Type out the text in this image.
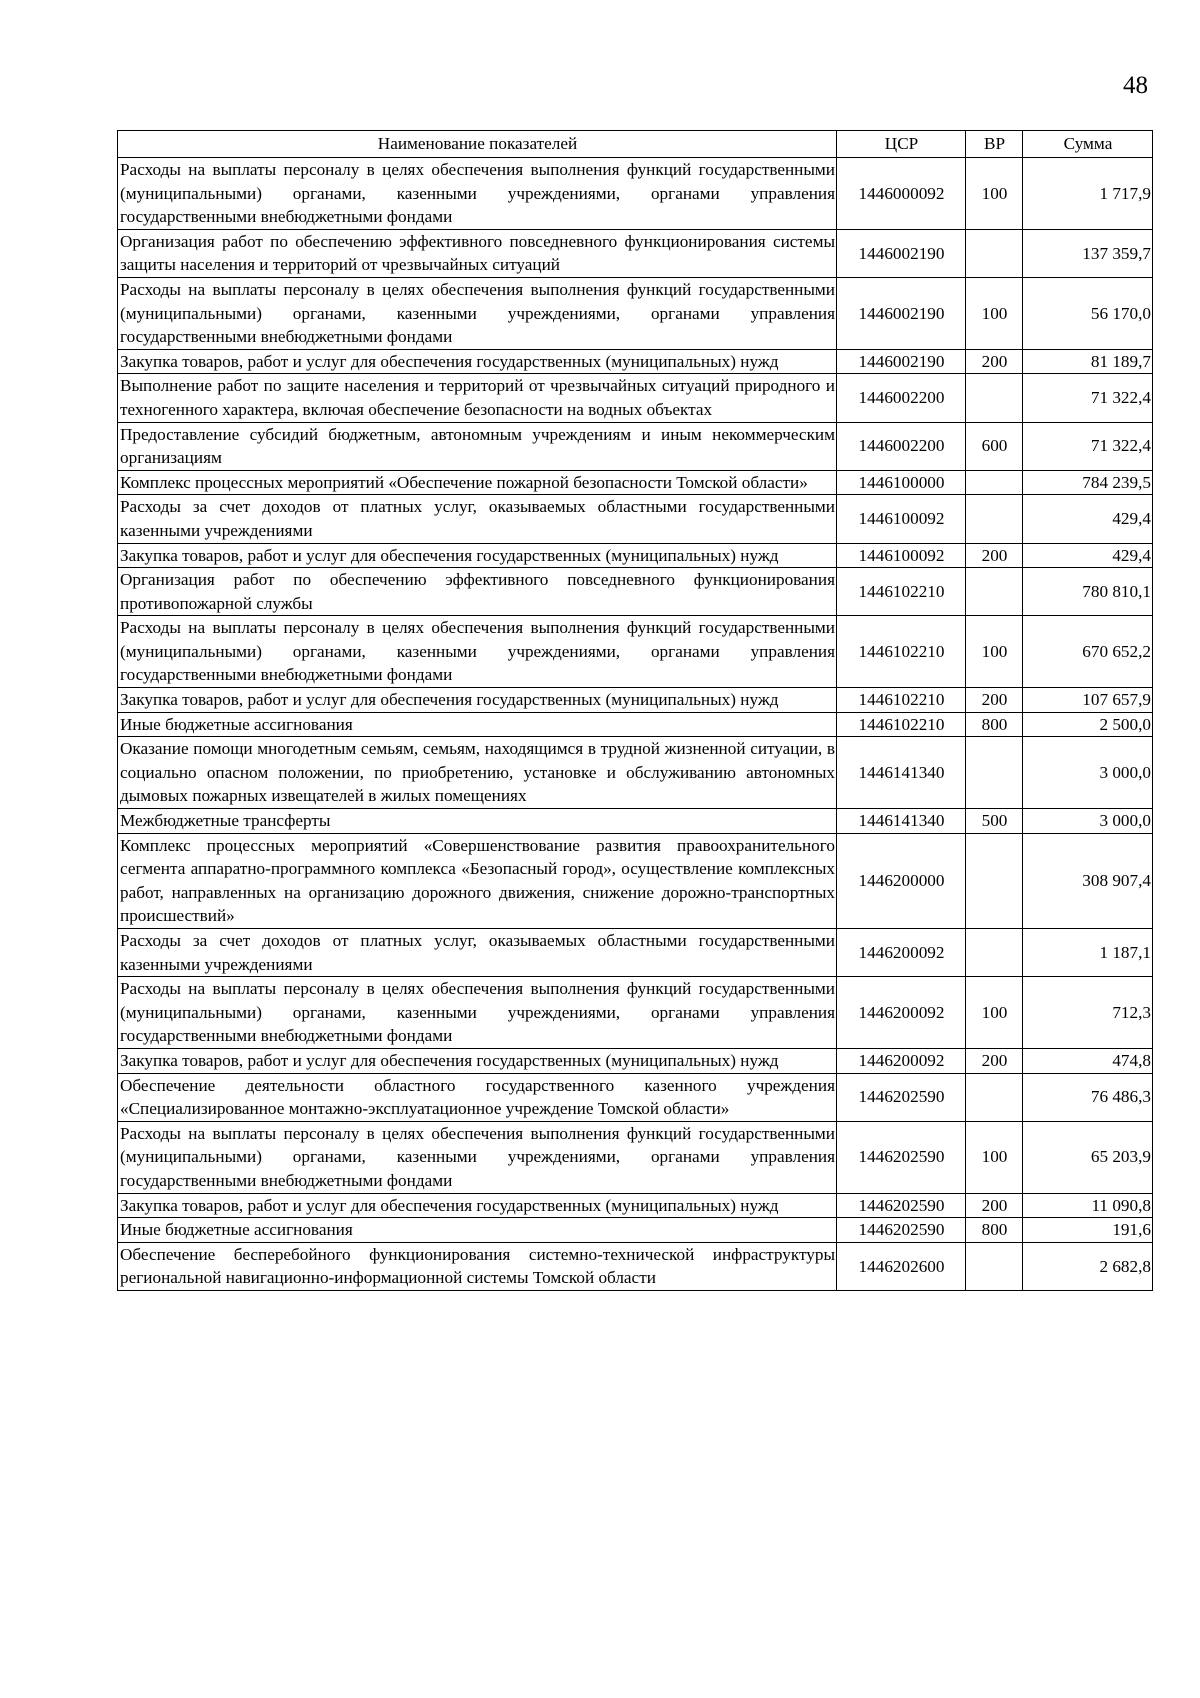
48
Наименование показателей	ЦСР	ВР	Сумма
Расходы на выплаты персоналу в целях обеспечения выполнения функций государственными (муниципальными) органами, казенными учреждениями, органами управления государственными внебюджетными фондами	1446000092	100	1 717,9
Организация работ по обеспечению эффективного повседневного функционирования системы защиты населения и территорий от чрезвычайных ситуаций	1446002190		137 359,7
Расходы на выплаты персоналу в целях обеспечения выполнения функций государственными (муниципальными) органами, казенными учреждениями, органами управления государственными внебюджетными фондами	1446002190	100	56 170,0
Закупка товаров, работ и услуг для обеспечения государственных (муниципальных) нужд	1446002190	200	81 189,7
Выполнение работ по защите населения и территорий от чрезвычайных ситуаций природного и техногенного характера, включая обеспечение безопасности на водных объектах	1446002200		71 322,4
Предоставление субсидий бюджетным, автономным учреждениям и иным некоммерческим организациям	1446002200	600	71 322,4
Комплекс процессных мероприятий «Обеспечение пожарной безопасности Томской области»	1446100000		784 239,5
Расходы за счет доходов от платных услуг, оказываемых областными государственными казенными учреждениями	1446100092		429,4
Закупка товаров, работ и услуг для обеспечения государственных (муниципальных) нужд	1446100092	200	429,4
Организация работ по обеспечению эффективного повседневного функционирования противопожарной службы	1446102210		780 810,1
Расходы на выплаты персоналу в целях обеспечения выполнения функций государственными (муниципальными) органами, казенными учреждениями, органами управления государственными внебюджетными фондами	1446102210	100	670 652,2
Закупка товаров, работ и услуг для обеспечения государственных (муниципальных) нужд	1446102210	200	107 657,9
Иные бюджетные ассигнования	1446102210	800	2 500,0
Оказание помощи многодетным семьям, семьям, находящимся в трудной жизненной ситуации, в социально опасном положении, по приобретению, установке и обслуживанию автономных дымовых пожарных извещателей в жилых помещениях	1446141340		3 000,0
Межбюджетные трансферты	1446141340	500	3 000,0
Комплекс процессных мероприятий «Совершенствование развития правоохранительного сегмента аппаратно-программного комплекса «Безопасный город», осуществление комплексных работ, направленных на организацию дорожного движения, снижение дорожно-транспортных происшествий»	1446200000		308 907,4
Расходы за счет доходов от платных услуг, оказываемых областными государственными казенными учреждениями	1446200092		1 187,1
Расходы на выплаты персоналу в целях обеспечения выполнения функций государственными (муниципальными) органами, казенными учреждениями, органами управления государственными внебюджетными фондами	1446200092	100	712,3
Закупка товаров, работ и услуг для обеспечения государственных (муниципальных) нужд	1446200092	200	474,8
Обеспечение деятельности областного государственного казенного учреждения «Специализированное монтажно-эксплуатационное учреждение Томской области»	1446202590		76 486,3
Расходы на выплаты персоналу в целях обеспечения выполнения функций государственными (муниципальными) органами, казенными учреждениями, органами управления государственными внебюджетными фондами	1446202590	100	65 203,9
Закупка товаров, работ и услуг для обеспечения государственных (муниципальных) нужд	1446202590	200	11 090,8
Иные бюджетные ассигнования	1446202590	800	191,6
Обеспечение бесперебойного функционирования системно-технической инфраструктуры региональной навигационно-информационной системы Томской области	1446202600		2 682,8
